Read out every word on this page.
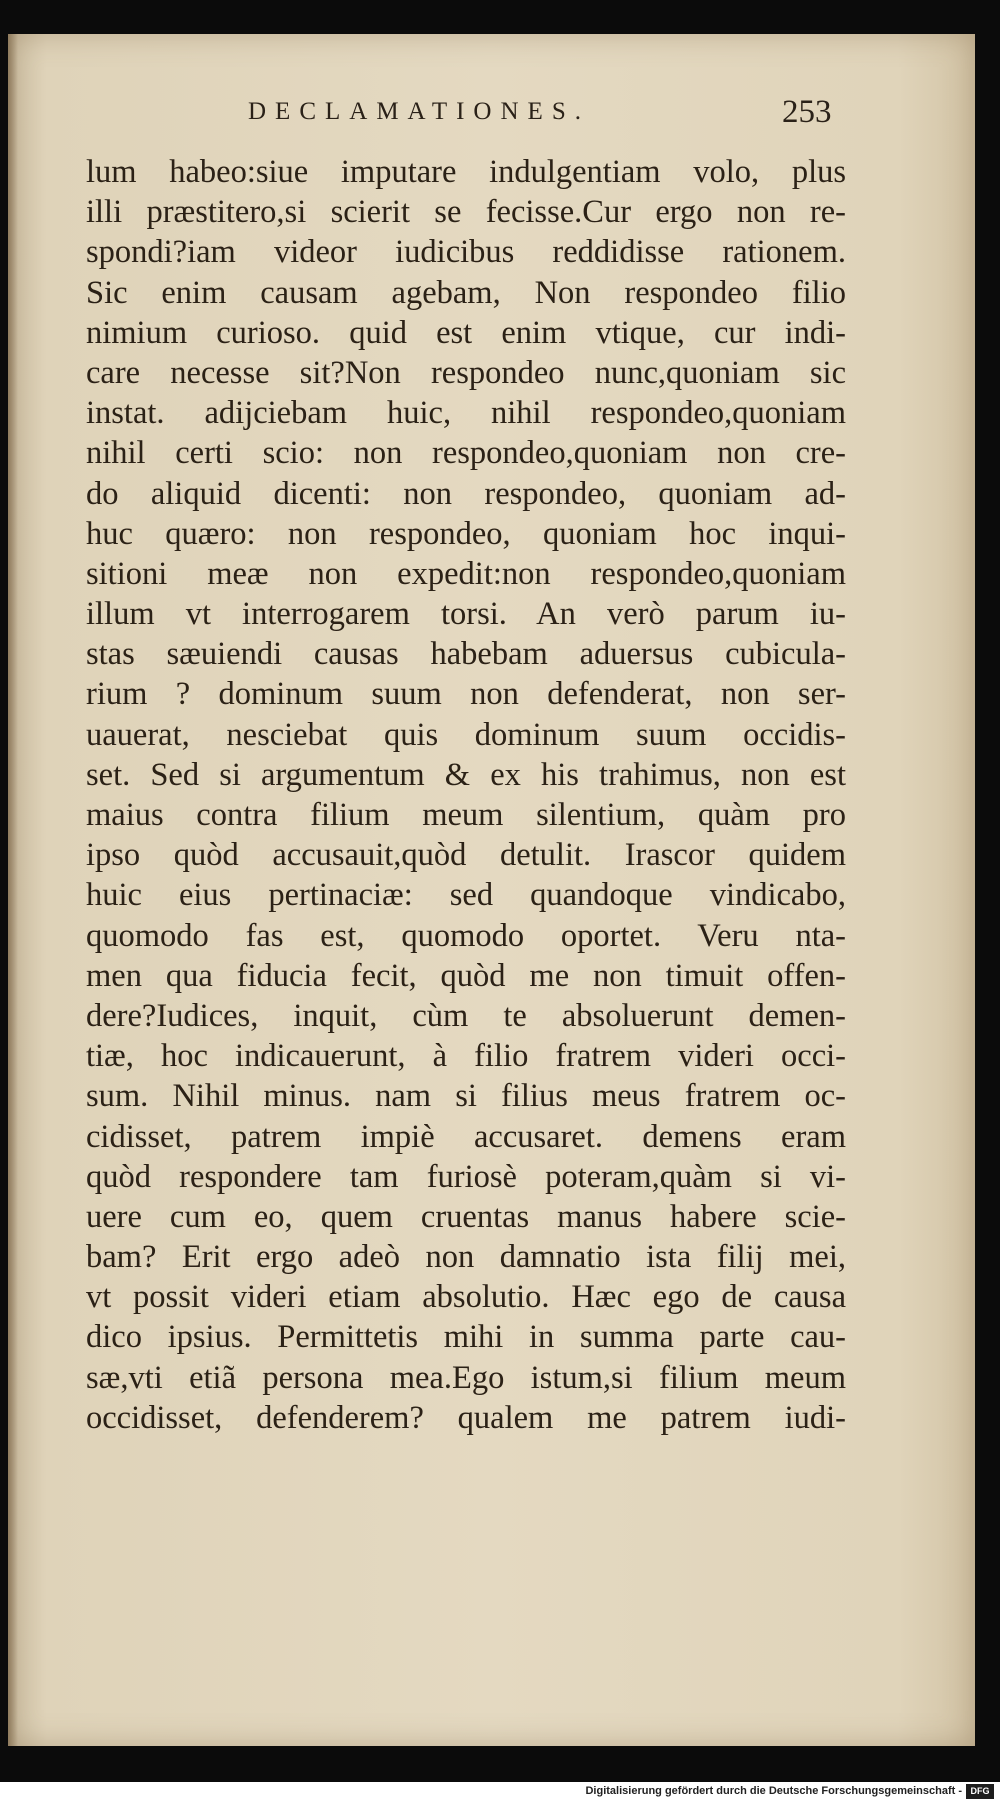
DECLAMATIONES.	253
lum habeo:siue imputare indulgentiam volo, plus
illi præstitero,si scierit se fecisse.Cur ergo non re-
spondi?iam videor iudicibus reddidisse rationem.
Sic enim causam agebam, Non respondeo filio
nimium curioso. quid est enim vtique, cur indi-
care necesse sit?Non respondeo nunc,quoniam sic
instat. adijciebam huic, nihil respondeo,quoniam
nihil certi scio: non respondeo,quoniam non cre-
do aliquid dicenti: non respondeo, quoniam ad-
huc quæro: non respondeo, quoniam hoc inqui-
sitioni meæ non expedit:non respondeo,quoniam
illum vt interrogarem torsi. An verò parum iu-
stas sæuiendi causas habebam aduersus cubicula-
rium ? dominum suum non defenderat, non ser-
uauerat, nesciebat quis dominum suum occidis-
set. Sed si argumentum & ex his trahimus, non est
maius contra filium meum silentium, quàm pro
ipso quòd accusauit,quòd detulit. Irascor quidem
huic eius pertinaciæ: sed quandoque vindicabo,
quomodo fas est, quomodo oportet. Veru nta-
men qua fiducia fecit, quòd me non timuit offen-
dere?Iudices, inquit, cùm te absoluerunt demen-
tiæ, hoc indicauerunt, à filio fratrem videri occi-
sum. Nihil minus. nam si filius meus fratrem oc-
cidisset, patrem impiè accusaret. demens eram
quòd respondere tam furiosè poteram,quàm si vi-
uere cum eo, quem cruentas manus habere scie-
bam? Erit ergo adeò non damnatio ista filij mei,
vt possit videri etiam absolutio. Hæc ego de causa
dico ipsius. Permittetis mihi in summa parte cau-
sæ,vti etiã persona mea.Ego istum,si filium meum
occidisset, defenderem? qualem me patrem iudi-
Digitalisierung gefördert durch die Deutsche Forschungsgemeinschaft - DFG
